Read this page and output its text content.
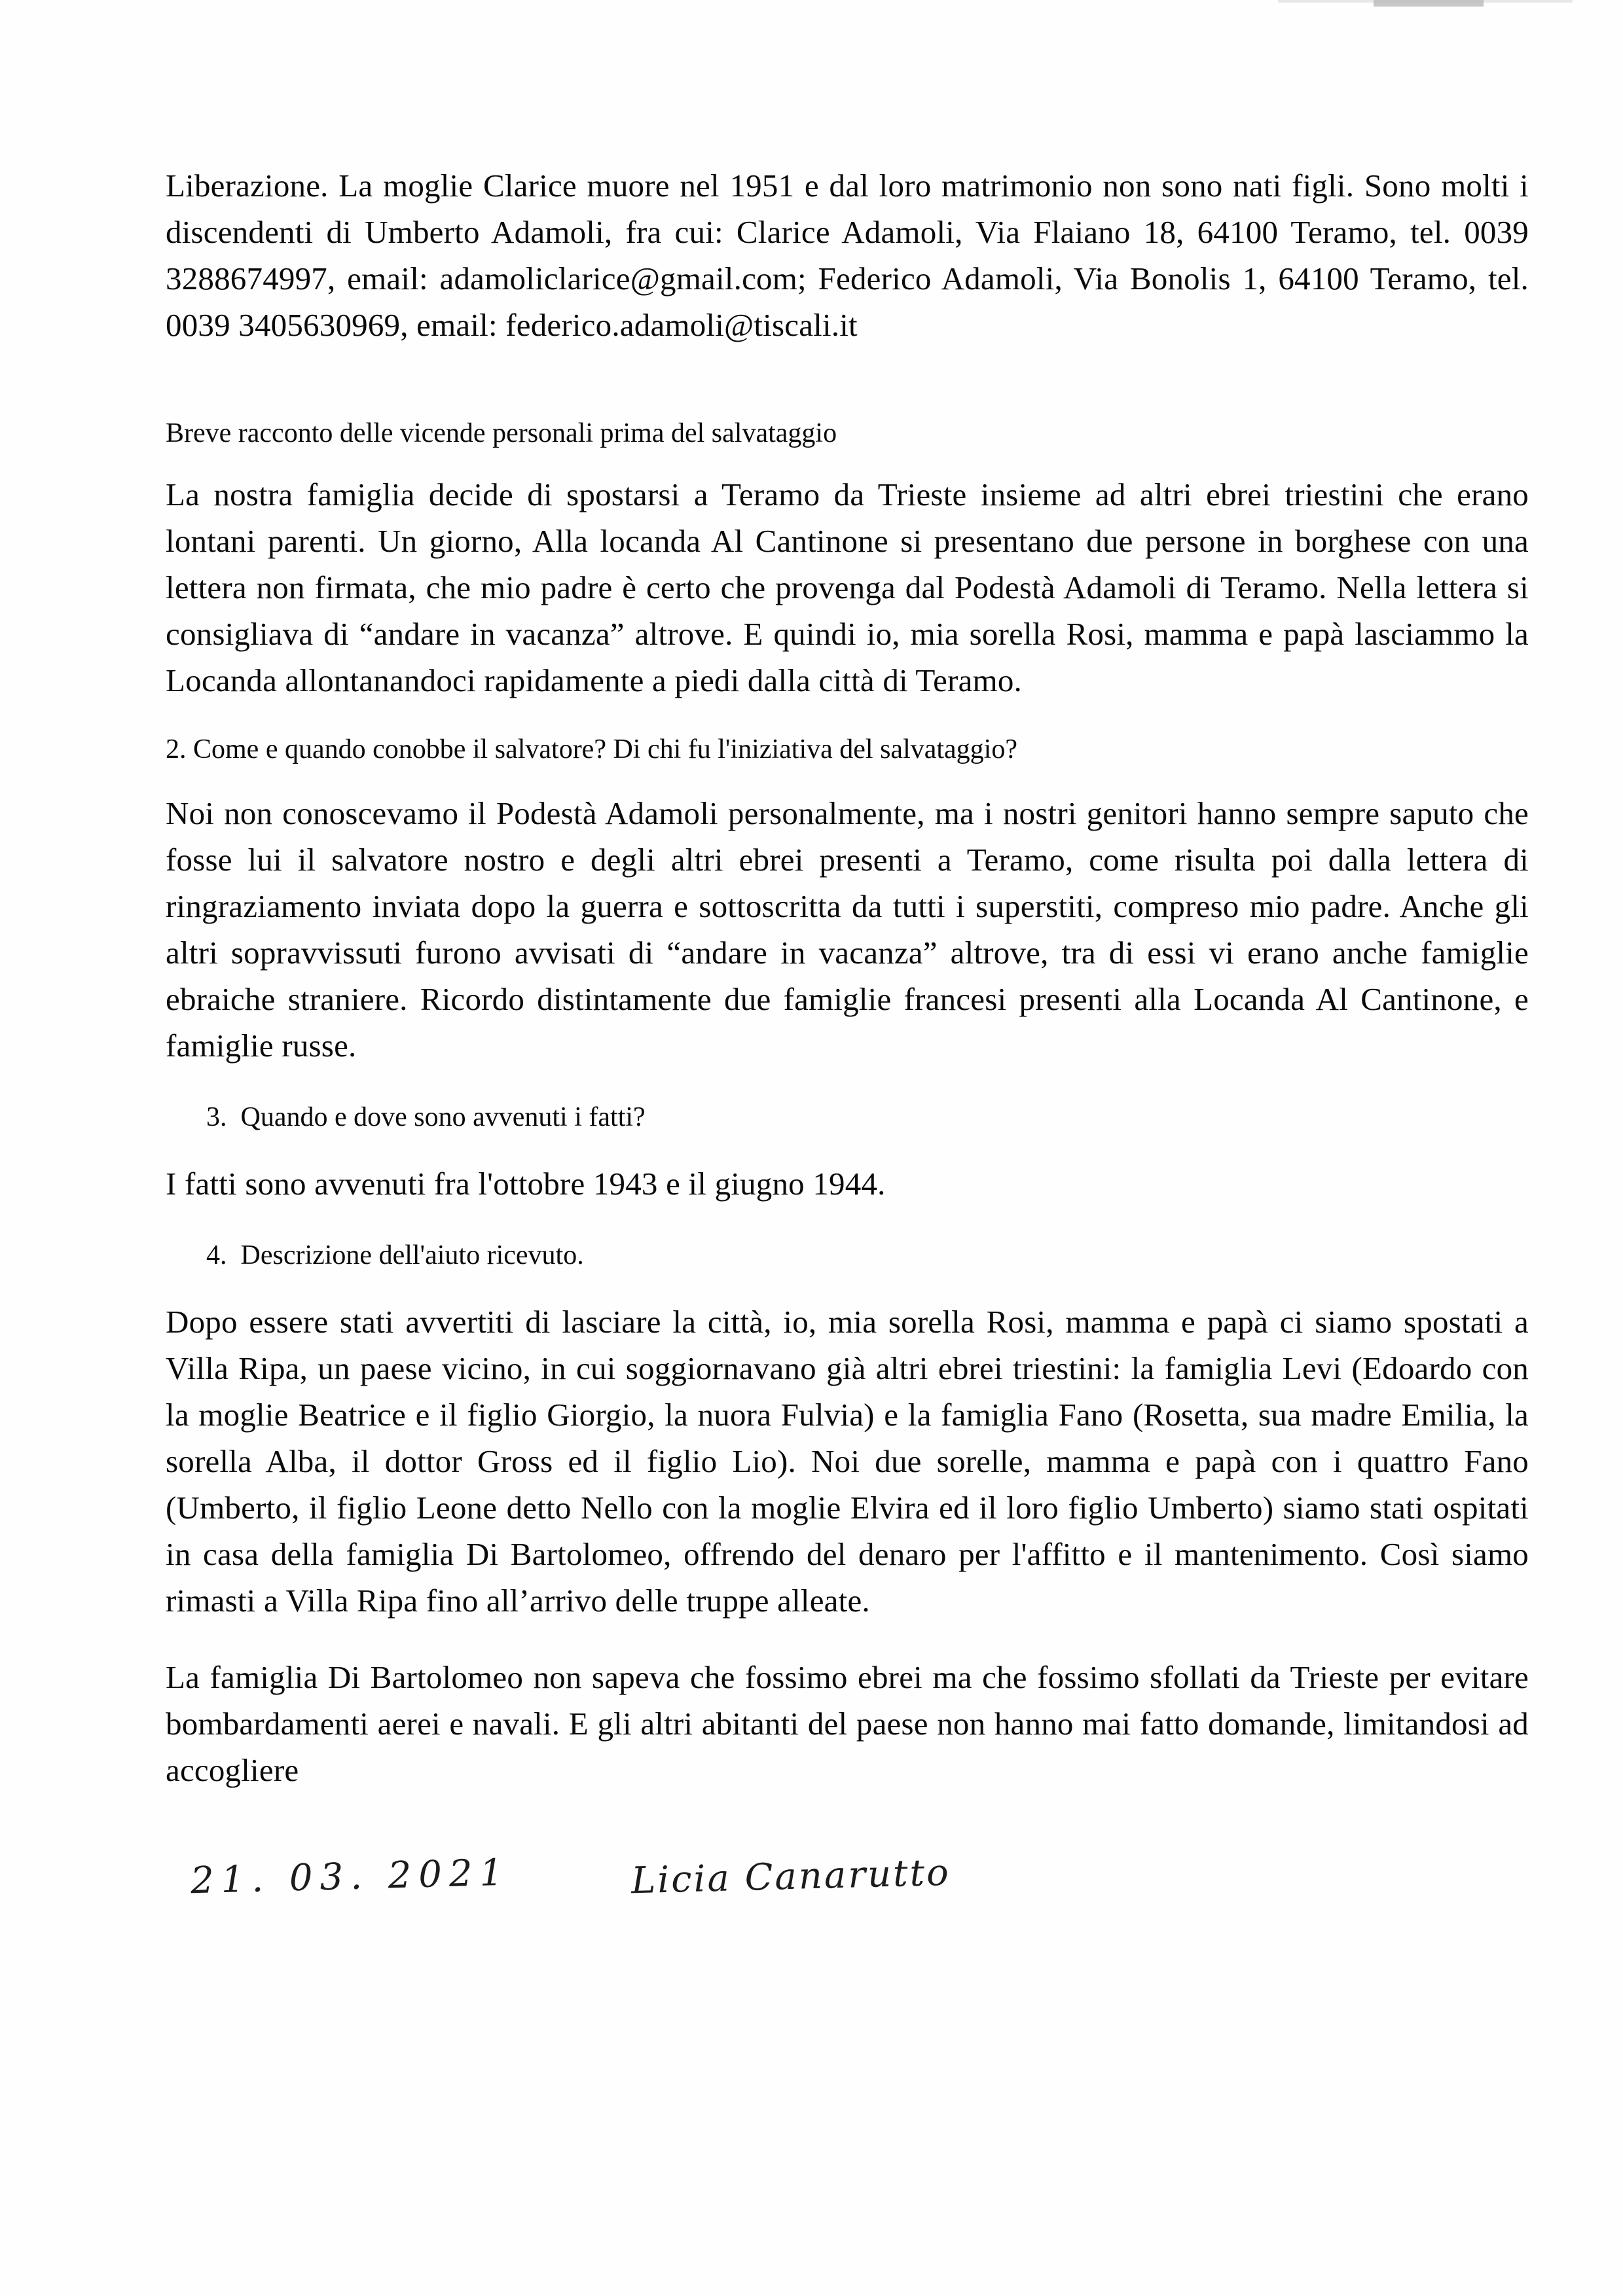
Liberazione. La moglie Clarice muore nel 1951 e dal loro matrimonio non sono nati figli. Sono molti i discendenti di Umberto Adamoli, fra cui: Clarice Adamoli, Via Flaiano 18, 64100 Teramo, tel. 0039 3288674997, email: adamoliclarice@gmail.com; Federico Adamoli, Via Bonolis 1, 64100 Teramo, tel. 0039 3405630969, email: federico.adamoli@tiscali.it

Breve racconto delle vicende personali prima del salvataggio

La nostra famiglia decide di spostarsi a Teramo da Trieste insieme ad altri ebrei triestini che erano lontani parenti. Un giorno, Alla locanda Al Cantinone si presentano due persone in borghese con una lettera non firmata, che mio padre è certo che provenga dal Podestà Adamoli di Teramo. Nella lettera si consigliava di “andare in vacanza” altrove. E quindi io, mia sorella Rosi, mamma e papà lasciammo la Locanda allontanandoci rapidamente a piedi dalla città di Teramo.

2. Come e quando conobbe il salvatore? Di chi fu l'iniziativa del salvataggio?

Noi non conoscevamo il Podestà Adamoli personalmente, ma i nostri genitori hanno sempre saputo che fosse lui il salvatore nostro e degli altri ebrei presenti a Teramo, come risulta poi dalla lettera di ringraziamento inviata dopo la guerra e sottoscritta da tutti i superstiti, compreso mio padre. Anche gli altri sopravvissuti furono avvisati di “andare in vacanza” altrove, tra di essi vi erano anche famiglie ebraiche straniere. Ricordo distintamente due famiglie francesi presenti alla Locanda Al Cantinone, e famiglie russe.

3.  Quando e dove sono avvenuti i fatti?

I fatti sono avvenuti fra l'ottobre 1943 e il giugno 1944.

4.  Descrizione dell'aiuto ricevuto.

Dopo essere stati avvertiti di lasciare la città, io, mia sorella Rosi, mamma e papà ci siamo spostati a Villa Ripa, un paese vicino, in cui soggiornavano già altri ebrei triestini: la famiglia Levi (Edoardo con la moglie Beatrice e il figlio Giorgio, la nuora Fulvia) e la famiglia Fano (Rosetta, sua madre Emilia, la sorella Alba, il dottor Gross ed il figlio Lio). Noi due sorelle, mamma e papà con i quattro Fano (Umberto, il figlio Leone detto Nello con la moglie Elvira ed il loro figlio Umberto) siamo stati ospitati in casa della famiglia Di Bartolomeo, offrendo del denaro per l'affitto e il mantenimento. Così siamo rimasti a Villa Ripa fino all’arrivo delle truppe alleate.

La famiglia Di Bartolomeo non sapeva che fossimo ebrei ma che fossimo sfollati da Trieste per evitare bombardamenti aerei e navali. E gli altri abitanti del paese non hanno mai fatto domande, limitandosi ad accogliere

21. 03. 2021	Licia Canarutto
